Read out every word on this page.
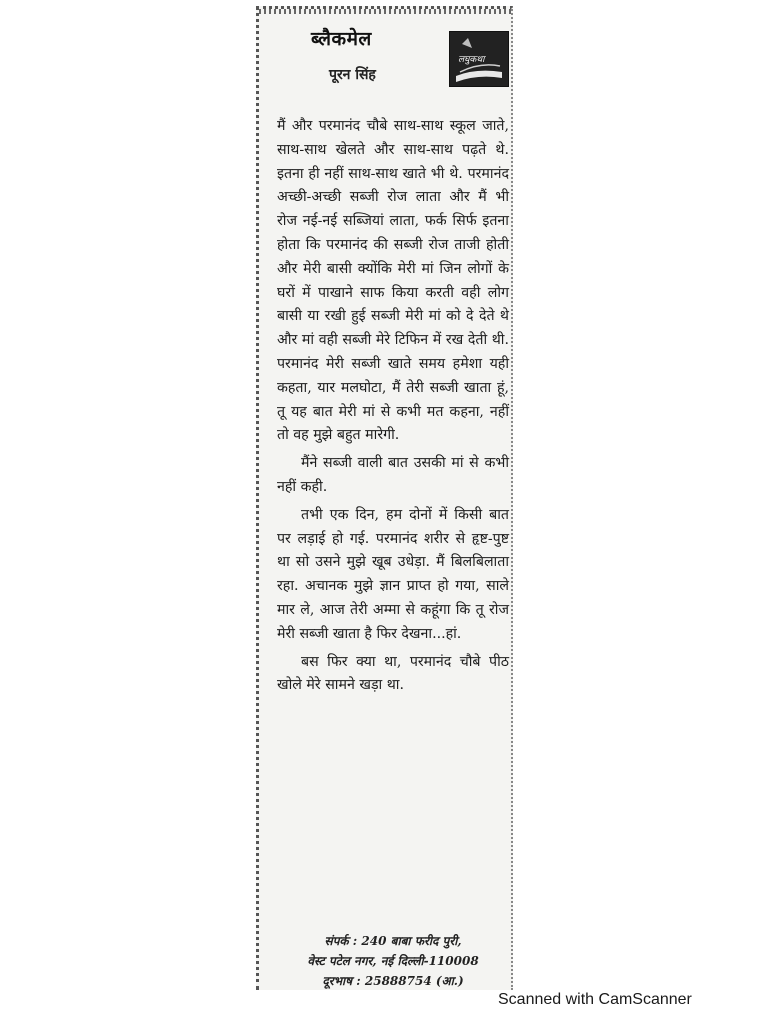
ब्लैकमेल
पूरन सिंह
लघुकथा

मैं और परमानंद चौबे साथ-साथ स्कूल जाते, साथ-साथ खेलते और साथ-साथ पढ़ते थे. इतना ही नहीं साथ-साथ खाते भी थे. परमानंद अच्छी-अच्छी सब्जी रोज लाता और मैं भी रोज नई-नई सब्जियां लाता, फर्क सिर्फ इतना होता कि परमानंद की सब्जी रोज ताजी होती और मेरी बासी क्योंकि मेरी मां जिन लोगों के घरों में पाखाने साफ किया करती वही लोग बासी या रखी हुई सब्जी मेरी मां को दे देते थे और मां वही सब्जी मेरे टिफिन में रख देती थी. परमानंद मेरी सब्जी खाते समय हमेशा यही कहता, यार मलघोटा, मैं तेरी सब्जी खाता हूं, तू यह बात मेरी मां से कभी मत कहना, नहीं तो वह मुझे बहुत मारेगी.

मैंने सब्जी वाली बात उसकी मां से कभी नहीं कही.

तभी एक दिन, हम दोनों में किसी बात पर लड़ाई हो गई. परमानंद शरीर से हृष्ट-पुष्ट था सो उसने मुझे खूब उधेड़ा. मैं बिलबिलाता रहा. अचानक मुझे ज्ञान प्राप्त हो गया, साले मार ले, आज तेरी अम्मा से कहूंगा कि तू रोज मेरी सब्जी खाता है फिर देखना...हां.

बस फिर क्या था, परमानंद चौबे पीठ खोले मेरे सामने खड़ा था.

संपर्क : 240 बाबा फरीद पुरी,
वेस्ट पटेल नगर, नई दिल्ली-110008
दूरभाष : 25888754 (आ.)
Scanned with CamScanner
